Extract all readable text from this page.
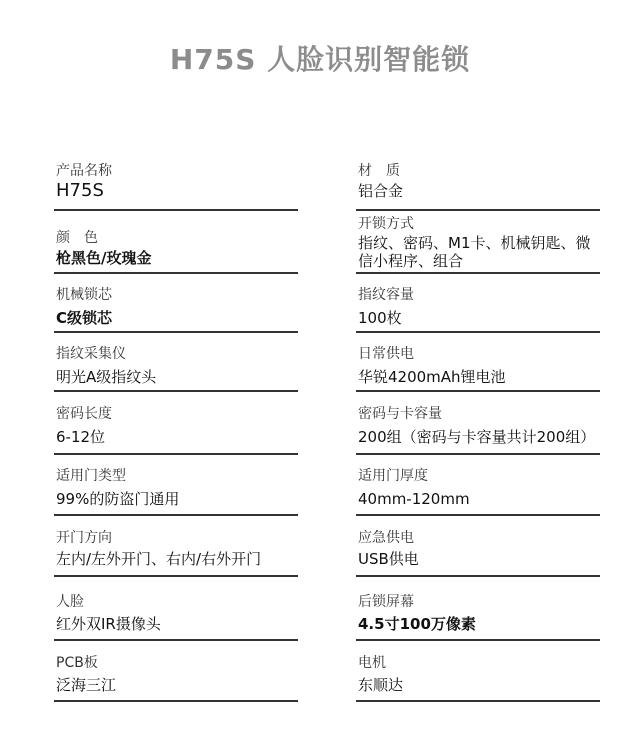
H75S 人脸识别智能锁
产品名称
H75S
颜　色
枪黑色/玫瑰金
机械锁芯
C级锁芯
指纹采集仪
明光A级指纹头
密码长度
6-12位
适用门类型
99%的防盗门通用
开门方向
左内/左外开门、右内/右外开门
人脸
红外双IR摄像头
PCB板
泛海三江
材　质
铝合金
开锁方式
指纹、密码、M1卡、机械钥匙、微信小程序、组合
指纹容量
100枚
日常供电
华锐4200mAh锂电池
密码与卡容量
200组（密码与卡容量共计200组）
适用门厚度
40mm-120mm
应急供电
USB供电
后锁屏幕
4.5寸100万像素
电机
东顺达
